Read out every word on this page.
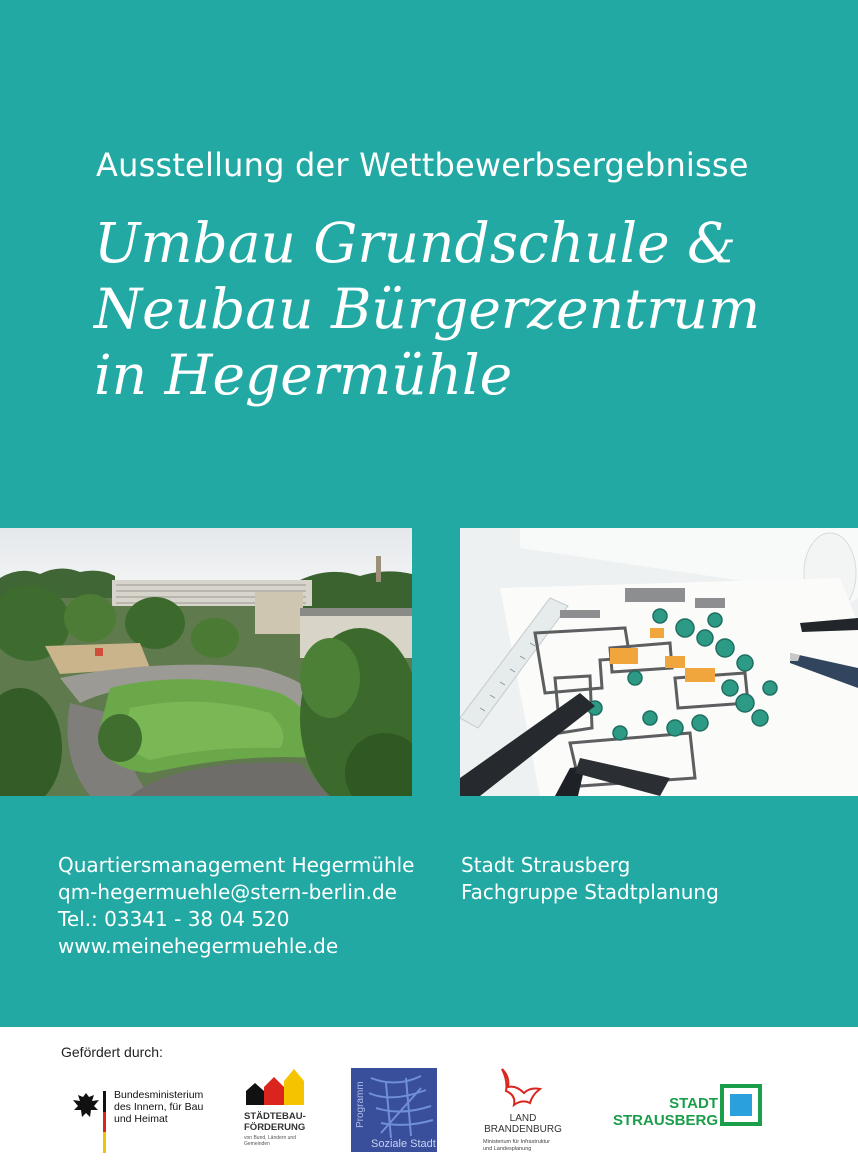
Ausstellung der Wettbewerbsergebnisse
Umbau Grundschule &
Neubau Bürgerzentrum
in Hegermühle
Quartiersmanagement Hegermühle
qm-hegermuehle@stern-berlin.de
Tel.: 03341 - 38 04 520
www.meinehegermuehle.de
Stadt Strausberg
Fachgruppe Stadtplanung
Gefördert durch:
Bundesministerium
des Innern, für Bau
und Heimat	STÄDTEBAU-
FÖRDERUNG
von Bund, Ländern und
Gemeinden
Programm
Soziale Stadt
LAND
BRANDENBURG
Ministerium für Infrastruktur
und Landesplanung
STADT
STRAUSBERG
